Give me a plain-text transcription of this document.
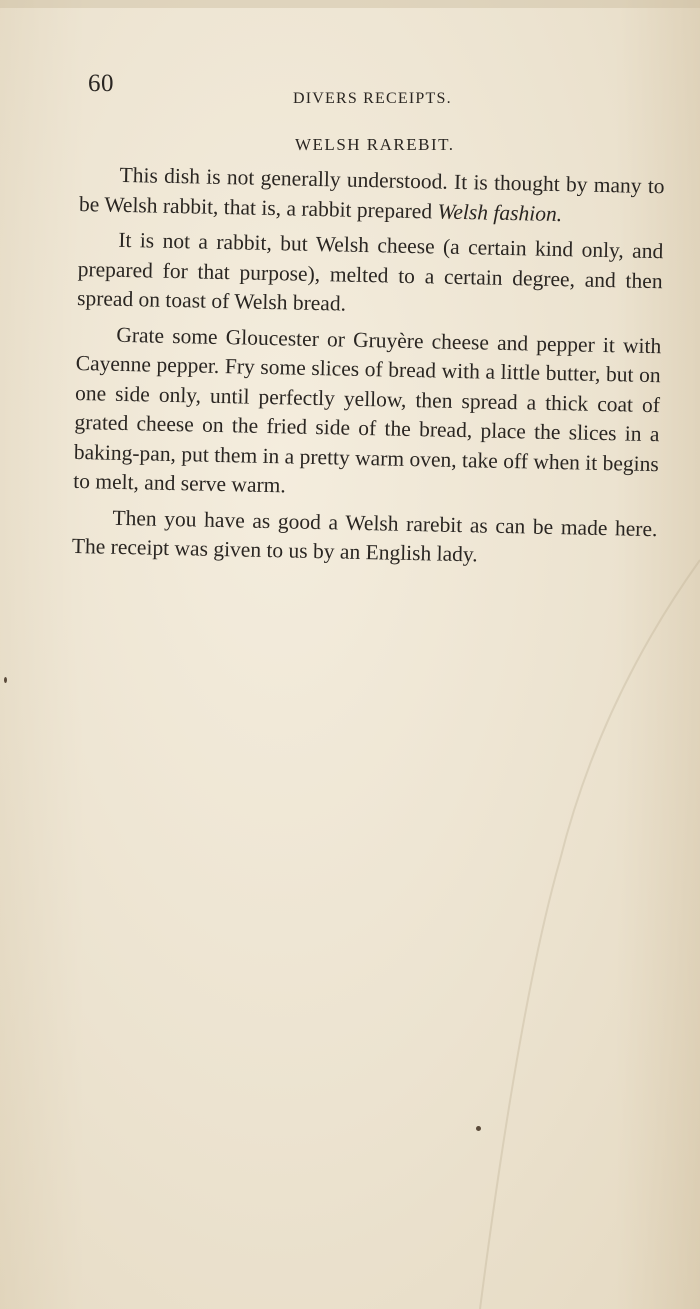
60
DIVERS RECEIPTS.
WELSH RAREBIT.

This dish is not generally understood. It is thought by many to be Welsh rabbit, that is, a rabbit prepared Welsh fashion.

It is not a rabbit, but Welsh cheese (a certain kind only, and prepared for that purpose), melted to a certain degree, and then spread on toast of Welsh bread.

Grate some Gloucester or Gruyère cheese and pepper it with Cayenne pepper. Fry some slices of bread with a little butter, but on one side only, until perfectly yellow, then spread a thick coat of grated cheese on the fried side of the bread, place the slices in a baking-pan, put them in a pretty warm oven, take off when it begins to melt, and serve warm.

Then you have as good a Welsh rarebit as can be made here. The receipt was given to us by an English lady.
